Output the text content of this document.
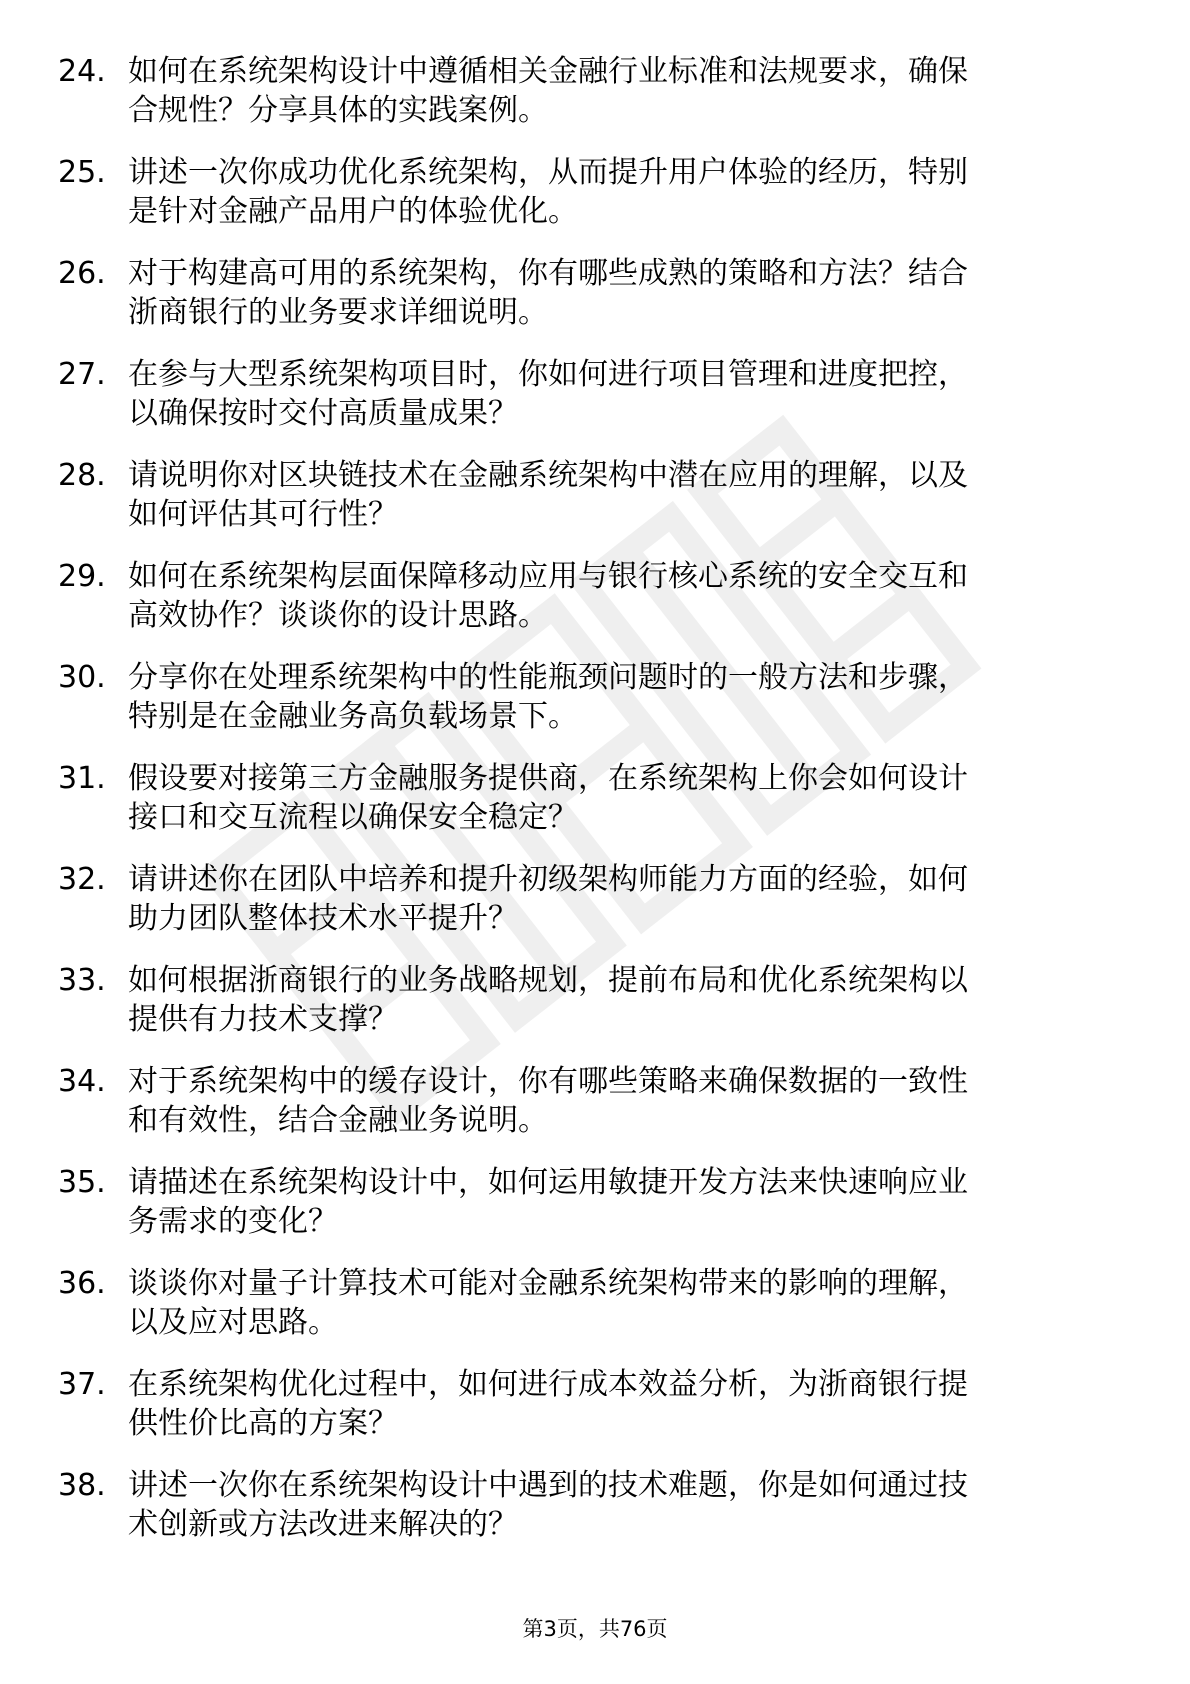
24. 如何在系统架构设计中遵循相关金融行业标准和法规要求，确保
合规性？分享具体的实践案例。
25. 讲述一次你成功优化系统架构，从而提升用户体验的经历，特别
是针对金融产品用户的体验优化。
26. 对于构建高可用的系统架构，你有哪些成熟的策略和方法？结合
浙商银行的业务要求详细说明。
27. 在参与大型系统架构项目时，你如何进行项目管理和进度把控，
以确保按时交付高质量成果？
28. 请说明你对区块链技术在金融系统架构中潜在应用的理解，以及
如何评估其可行性？
29. 如何在系统架构层面保障移动应用与银行核心系统的安全交互和
高效协作？谈谈你的设计思路。
30. 分享你在处理系统架构中的性能瓶颈问题时的一般方法和步骤，
特别是在金融业务高负载场景下。
31. 假设要对接第三方金融服务提供商，在系统架构上你会如何设计
接口和交互流程以确保安全稳定？
32. 请讲述你在团队中培养和提升初级架构师能力方面的经验，如何
助力团队整体技术水平提升？
33. 如何根据浙商银行的业务战略规划，提前布局和优化系统架构以
提供有力技术支撑？
34. 对于系统架构中的缓存设计，你有哪些策略来确保数据的一致性
和有效性，结合金融业务说明。
35. 请描述在系统架构设计中，如何运用敏捷开发方法来快速响应业
务需求的变化？
36. 谈谈你对量子计算技术可能对金融系统架构带来的影响的理解，
以及应对思路。
37. 在系统架构优化过程中，如何进行成本效益分析，为浙商银行提
供性价比高的方案？
38. 讲述一次你在系统架构设计中遇到的技术难题，你是如何通过技
术创新或方法改进来解决的？
第3页，共76页
